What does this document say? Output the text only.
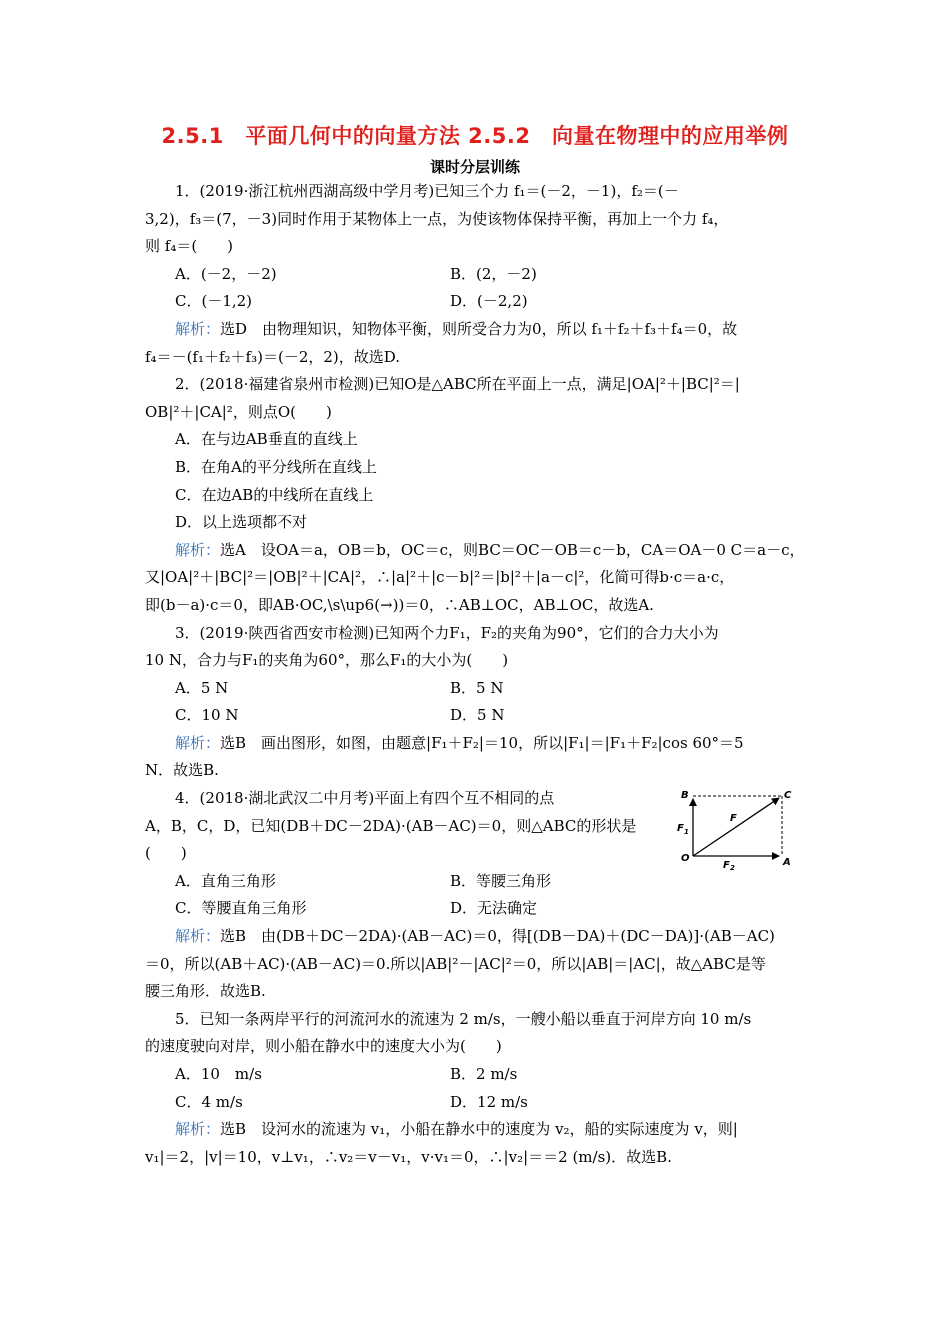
2.5.1　平面几何中的向量方法 2.5.2　向量在物理中的应用举例
课时分层训练
1．(2019·浙江杭州西湖高级中学月考)已知三个力 f₁＝(－2，－1)，f₂＝(－
3,2)，f₃＝(7，－3)同时作用于某物体上一点，为使该物体保持平衡，再加上一个力 f₄，
则 f₄＝(　　)
A．(－2，－2)	B．(2，－2)
C．(－1,2)	D．(－2,2)
解析：选D　由物理知识，知物体平衡，则所受合力为0，所以 f₁＋f₂＋f₃＋f₄＝0，故
f₄＝－(f₁＋f₂＋f₃)＝(－2，2)，故选D.
2．(2018·福建省泉州市检测)已知O是△ABC所在平面上一点，满足|OA|²＋|BC|²＝|
OB|²＋|CA|²，则点O(　　)
A．在与边AB垂直的直线上
B．在角A的平分线所在直线上
C．在边AB的中线所在直线上
D．以上选项都不对
解析：选A　设OA＝a，OB＝b，OC＝c，则BC＝OC－OB＝c－b，CA＝OA－0 C＝a－c，
又|OA|²＋|BC|²＝|OB|²＋|CA|²，∴|a|²＋|c－b|²＝|b|²＋|a－c|²，化简可得b·c＝a·c，
即(b－a)·c＝0，即AB·OC,\s\up6(→))＝0，∴AB⊥OC，AB⊥OC，故选A.
3．(2019·陕西省西安市检测)已知两个力F₁，F₂的夹角为90°，它们的合力大小为
10 N，合力与F₁的夹角为60°，那么F₁的大小为(　　)
A．5 N	B．5 N
C．10 N	D．5 N
解析：选B　画出图形，如图，由题意|F₁＋F₂|＝10，所以|F₁|＝|F₁＋F₂|cos 60°＝5
N．故选B.
4．(2018·湖北武汉二中月考)平面上有四个互不相同的点
A，B，C，D，已知(DB＋DC－2DA)·(AB－AC)＝0，则△ABC的形状是
(　　)
A．直角三角形	B．等腰三角形
C．等腰直角三角形	D．无法确定
解析：选B　由(DB＋DC－2DA)·(AB－AC)＝0，得[(DB－DA)＋(DC－DA)]·(AB－AC)
＝0，所以(AB＋AC)·(AB－AC)＝0.所以|AB|²－|AC|²＝0，所以|AB|＝|AC|，故△ABC是等
腰三角形．故选B.
5．已知一条两岸平行的河流河水的流速为 2 m/s，一艘小船以垂直于河岸方向 10 m/s
的速度驶向对岸，则小船在静水中的速度大小为(　　)
A．10　m/s	B．2 m/s
C．4 m/s	D．12 m/s
解析：选B　设河水的流速为 v₁，小船在静水中的速度为 v₂，船的实际速度为 v，则|
v₁|＝2，|v|＝10，v⊥v₁，∴v₂＝v－v₁，v·v₁＝0，∴|v₂|＝＝2 (m/s)．故选B.
B	C
O	A
F
F 1
F 2
